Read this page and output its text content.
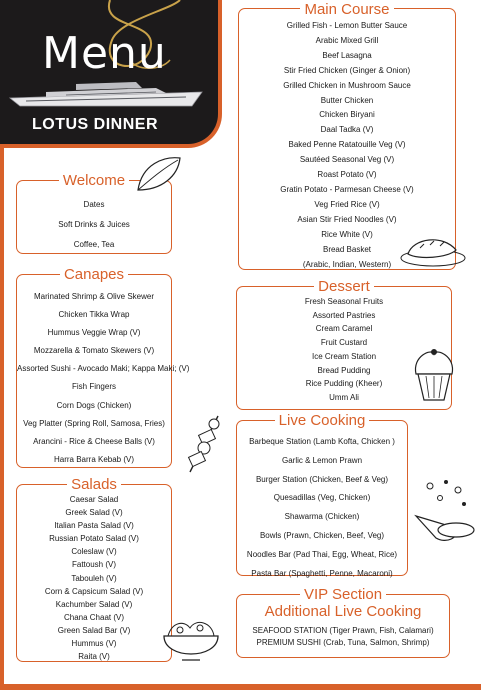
Menu
LOTUS DINNER
Main Course
Grilled Fish - Lemon Butter Sauce
Arabic Mixed Grill
Beef Lasagna
Stir Fried Chicken (Ginger & Onion)
Grilled Chicken in Mushroom Sauce
Butter Chicken
Chicken Biryani
Daal Tadka (V)
Baked Penne Ratatouille Veg (V)
Sautéed Seasonal Veg (V)
Roast Potato (V)
Gratin Potato - Parmesan Cheese (V)
Veg Fried Rice (V)
Asian Stir Fried Noodles (V)
Rice White (V)
Bread Basket
(Arabic, Indian, Western)
Welcome
Dates
Soft Drinks & Juices
Coffee, Tea
Canapes
Marinated Shrimp & Olive Skewer
Chicken Tikka Wrap
Hummus Veggie Wrap (V)
Mozzarella & Tomato Skewers (V)
Assorted Sushi - Avocado Maki; Kappa Maki; (V)
Fish Fingers
Corn Dogs (Chicken)
Veg Platter (Spring Roll, Samosa, Fries)
Arancini - Rice & Cheese Balls (V)
Harra Barra Kebab (V)
Salads
Caesar Salad
Greek Salad (V)
Italian Pasta Salad (V)
Russian Potato Salad (V)
Coleslaw (V)
Fattoush (V)
Tabouleh (V)
Corn & Capsicum Salad (V)
Kachumber Salad (V)
Chana Chaat (V)
Green Salad Bar (V)
Hummus (V)
Raita (V)
Dessert
Fresh Seasonal Fruits
Assorted Pastries
Cream Caramel
Fruit Custard
Ice Cream Station
Bread Pudding
Rice Pudding (Kheer)
Umm Ali
Live Cooking
Barbeque Station (Lamb Kofta, Chicken )
Garlic & Lemon Prawn
Burger Station (Chicken, Beef & Veg)
Quesadillas (Veg, Chicken)
Shawarma (Chicken)
Bowls (Prawn, Chicken, Beef, Veg)
Noodles Bar (Pad Thai, Egg, Wheat, Rice)
Pasta Bar (Spaghetti, Penne, Macaroni)
VIP Section
Additional Live Cooking
SEAFOOD STATION (Tiger Prawn, Fish, Calamari)
PREMIUM SUSHI (Crab, Tuna, Salmon, Shrimp)
